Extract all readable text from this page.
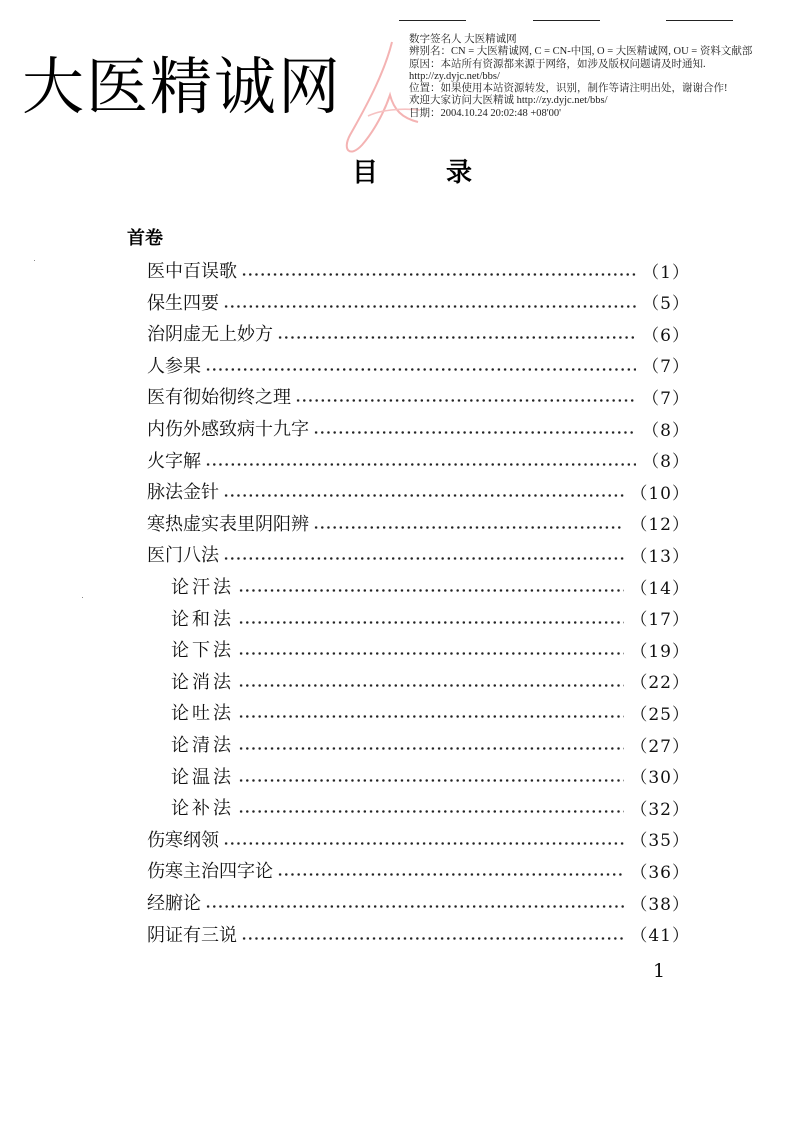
大医精诚网
数字签名人 大医精诚网
辨别名：CN = 大医精诚网, C = CN-中国, O = 大医精诚网, OU = 资料文献部
原因：本站所有资源都来源于网络，如涉及版权问题请及时通知. http://zy.dyjc.net/bbs/
位置：如果使用本站资源转发，识别，制作等请注明出处，谢谢合作!
欢迎大家访问大医精诚 http://zy.dyjc.net/bbs/
日期：2004.10.24 20:02:48 +08'00'
目	录
首卷
医中百误歌	（1）
保生四要	（5）
治阴虚无上妙方	（6）
人参果	（7）
医有彻始彻终之理	（7）
内伤外感致病十九字	（8）
火字解	（8）
脉法金针	（10）
寒热虚实表里阴阳辨	（12）
医门八法	（13）
论汗法	（14）
论和法	（17）
论下法	（19）
论消法	（22）
论吐法	（25）
论清法	（27）
论温法	（30）
论补法	（32）
伤寒纲领	（35）
伤寒主治四字论	（36）
经腑论	（38）
阴证有三说	（41）
1
